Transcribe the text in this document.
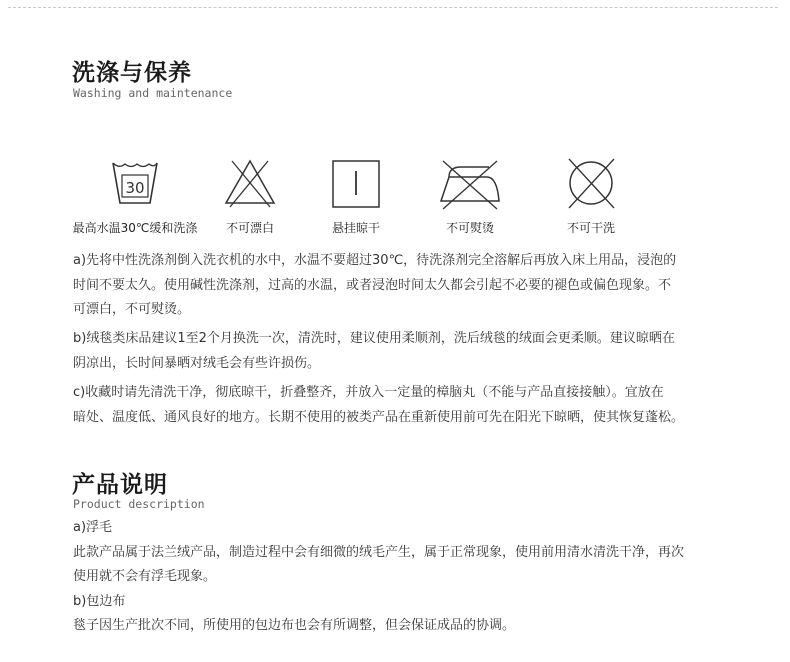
洗涤与保养
Washing and maintenance
30
最高水温30℃缓和洗涤	不可漂白	悬挂晾干	不可熨烫	不可干洗
a)先将中性洗涤剂倒入洗衣机的水中，水温不要超过30℃，待洗涤剂完全溶解后再放入床上用品，浸泡的
时间不要太久。使用碱性洗涤剂，过高的水温，或者浸泡时间太久都会引起不必要的褪色或偏色现象。不
可漂白，不可熨烫。
b)绒毯类床品建议1至2个月换洗一次，清洗时，建议使用柔顺剂，洗后绒毯的绒面会更柔顺。建议晾晒在
阴凉出，长时间暴晒对绒毛会有些许损伤。
c)收藏时请先清洗干净，彻底晾干，折叠整齐，并放入一定量的樟脑丸（不能与产品直接接触）。宜放在
暗处、温度低、通风良好的地方。长期不使用的被类产品在重新使用前可先在阳光下晾晒，使其恢复蓬松。
产品说明
Product description
a)浮毛
此款产品属于法兰绒产品，制造过程中会有细微的绒毛产生，属于正常现象，使用前用清水清洗干净，再次
使用就不会有浮毛现象。
b)包边布
毯子因生产批次不同，所使用的包边布也会有所调整，但会保证成品的协调。
